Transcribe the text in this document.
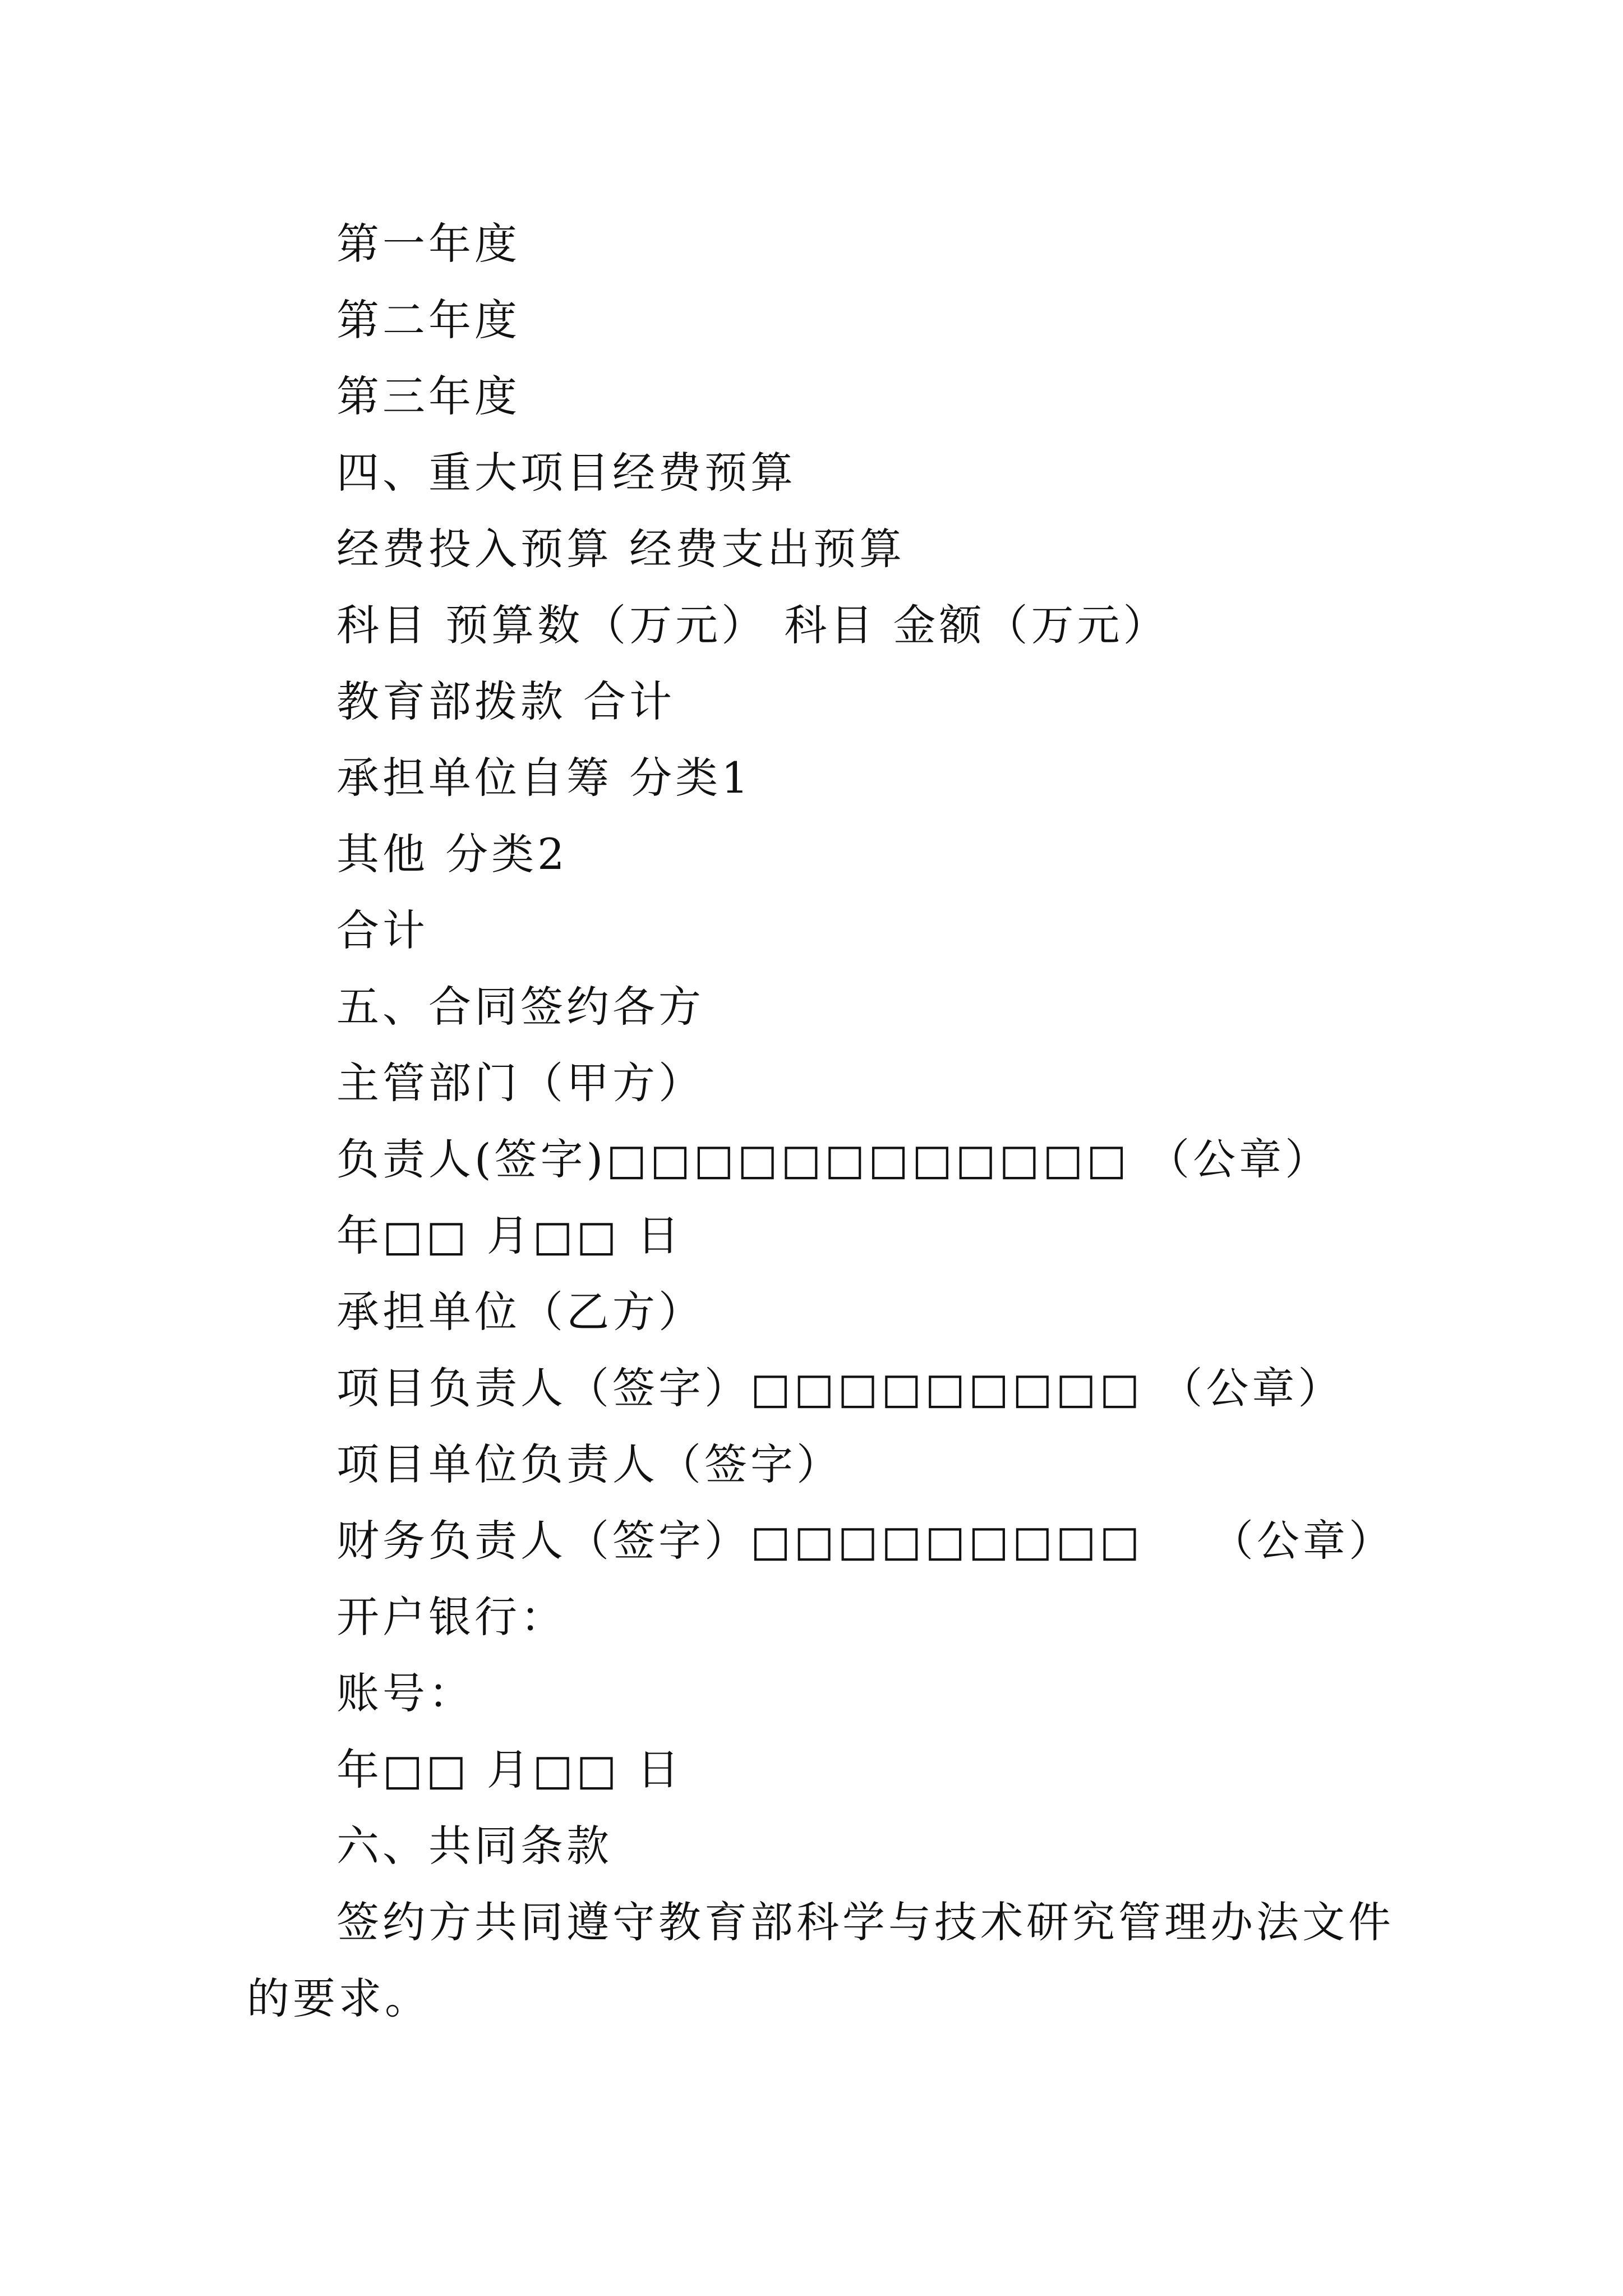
第一年度
第二年度
第三年度
四、重大项目经费预算
经费投入预算 经费支出预算
科目 预算数（万元） 科目 金额（万元）
教育部拨款 合计
承担单位自筹 分类1
其他 分类2
合计
五、合同签约各方
主管部门（甲方）
负责人(签字)□□□□□□□□□□□□ （公章）
年□□ 月□□ 日
承担单位（乙方）
项目负责人（签字）□□□□□□□□□ （公章）
项目单位负责人（签字）
财务负责人（签字）□□□□□□□□□    （公章）
开户银行：
账号：
年□□ 月□□ 日
六、共同条款
签约方共同遵守教育部科学与技术研究管理办法文件
的要求。
